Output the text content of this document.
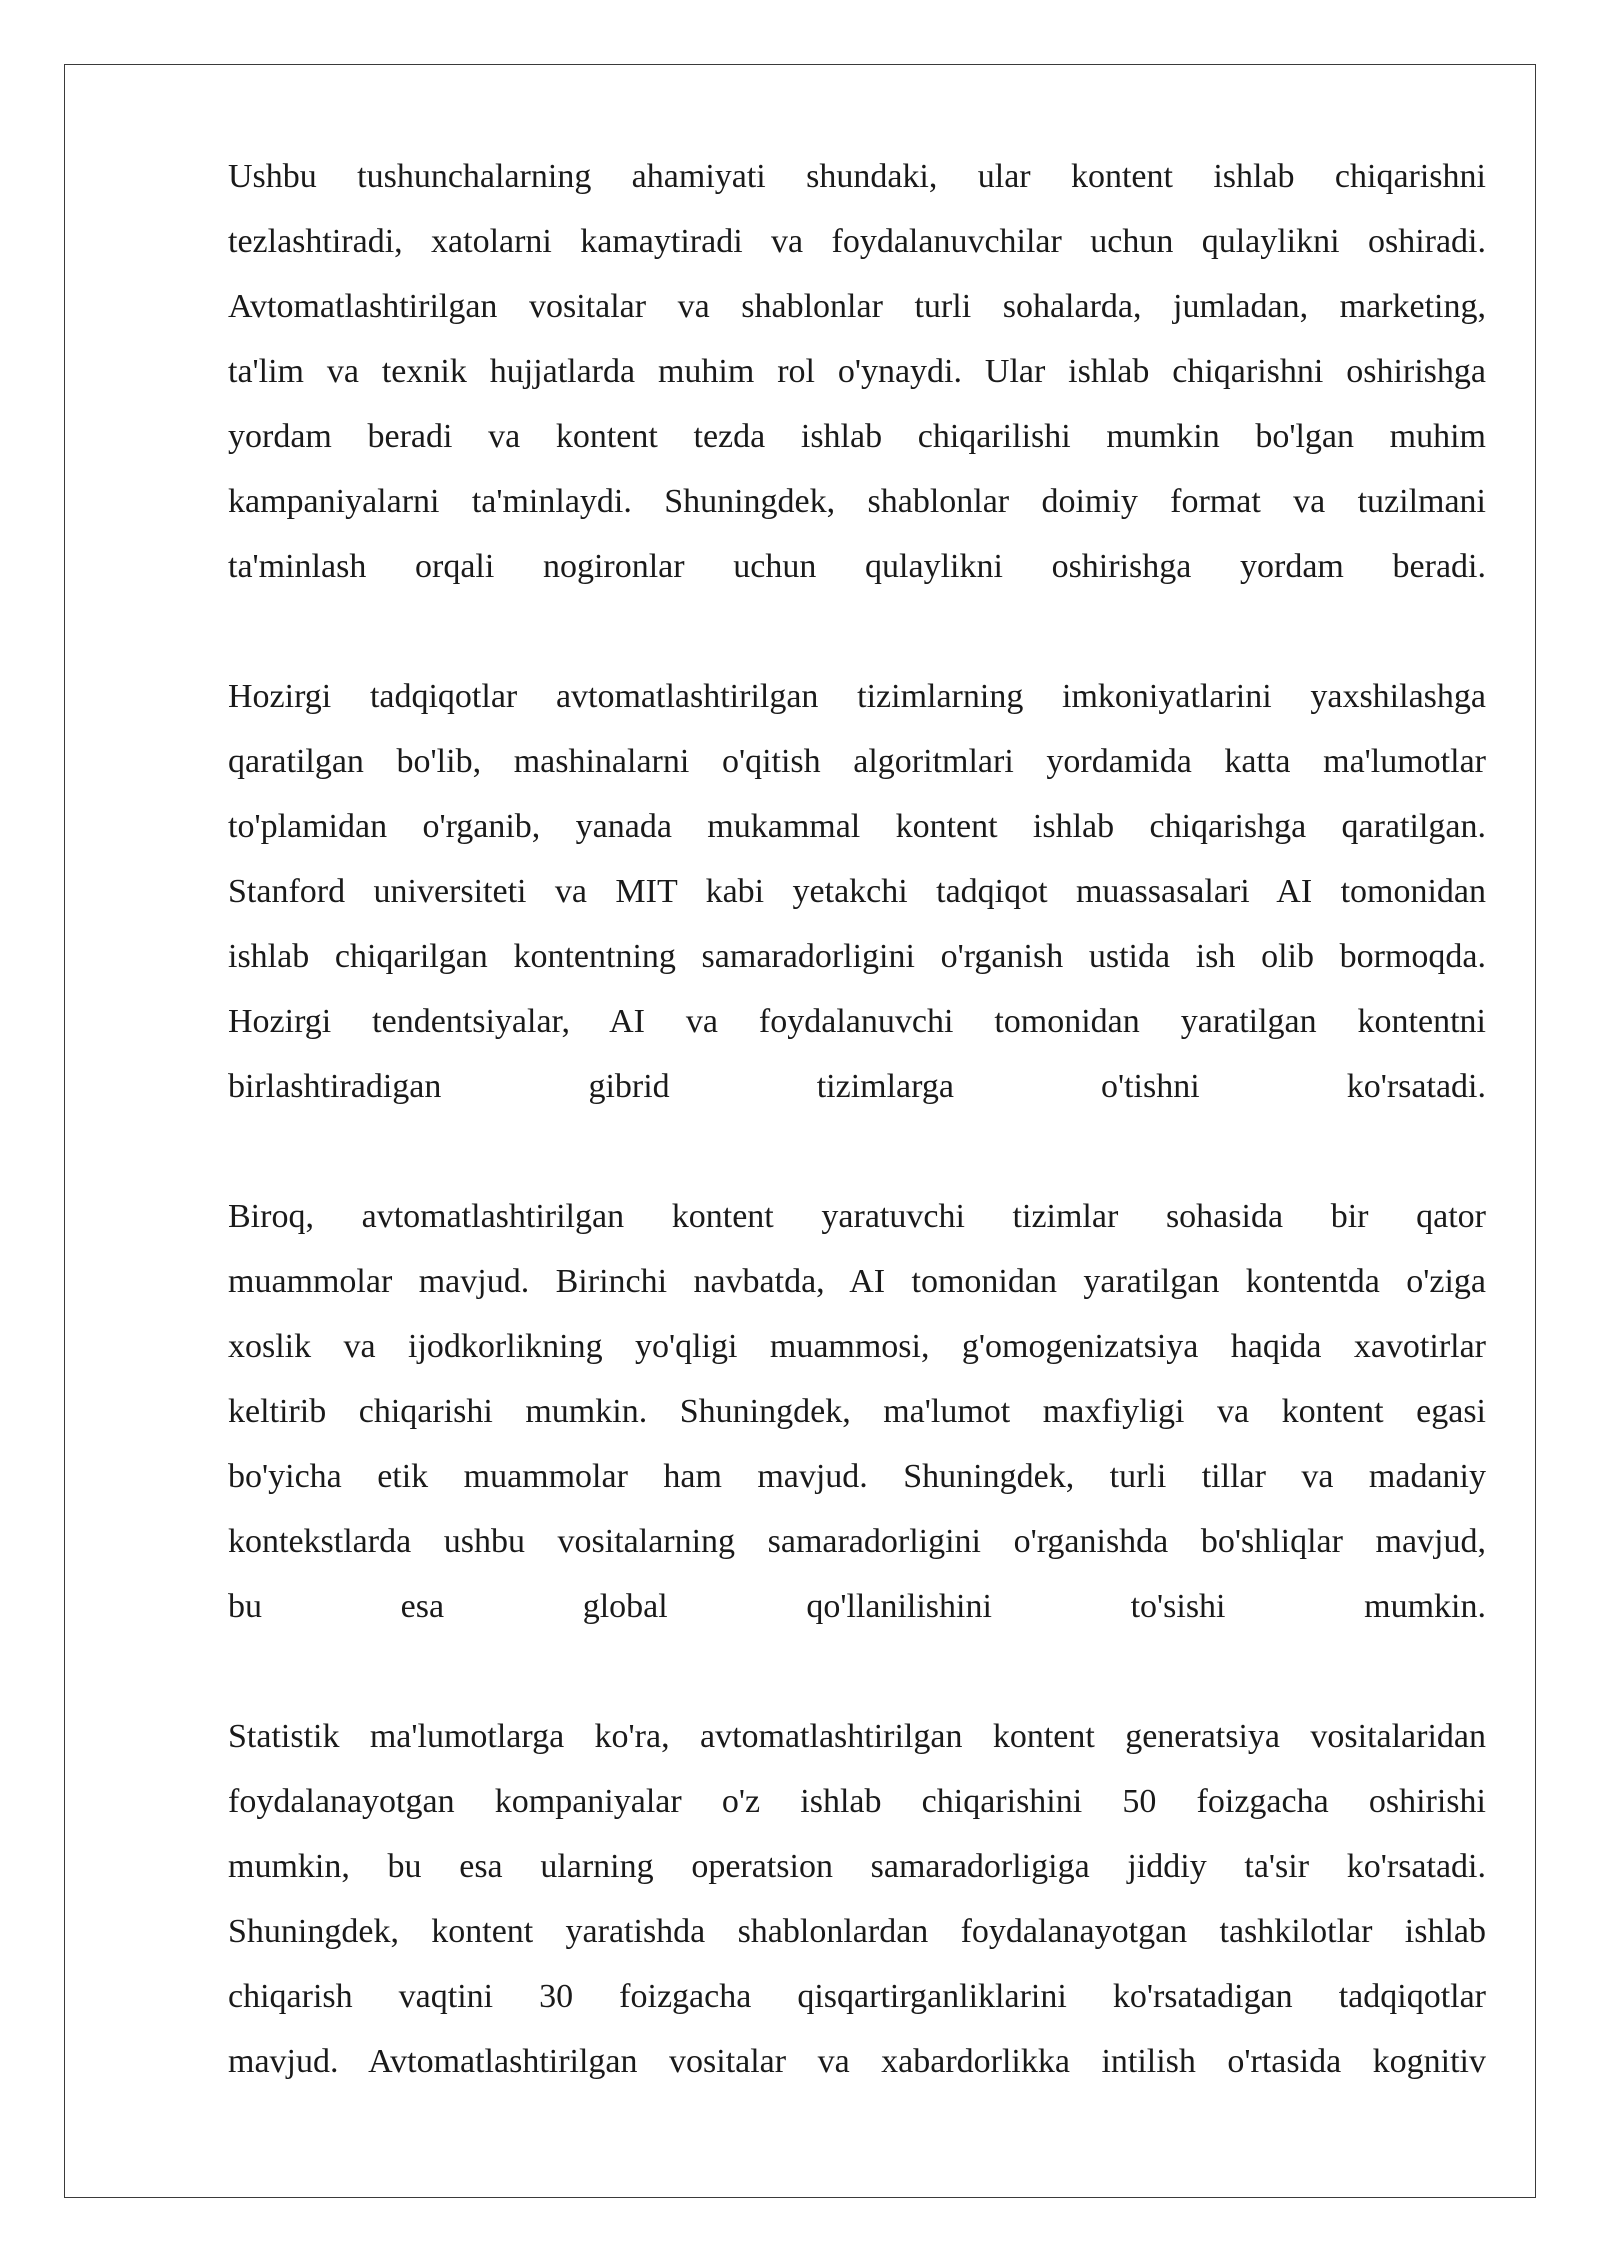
Ushbu tushunchalarning ahamiyati shundaki, ular kontent ishlab chiqarishni
tezlashtiradi, xatolarni kamaytiradi va foydalanuvchilar uchun qulaylikni oshiradi.
Avtomatlashtirilgan vositalar va shablonlar turli sohalarda, jumladan, marketing,
ta'lim va texnik hujjatlarda muhim rol o'ynaydi. Ular ishlab chiqarishni oshirishga
yordam beradi va kontent tezda ishlab chiqarilishi mumkin bo'lgan muhim
kampaniyalarni ta'minlaydi. Shuningdek, shablonlar doimiy format va tuzilmani
ta'minlash orqali nogironlar uchun qulaylikni oshirishga yordam beradi.
Hozirgi tadqiqotlar avtomatlashtirilgan tizimlarning imkoniyatlarini yaxshilashga
qaratilgan bo'lib, mashinalarni o'qitish algoritmlari yordamida katta ma'lumotlar
to'plamidan o'rganib, yanada mukammal kontent ishlab chiqarishga qaratilgan.
Stanford universiteti va MIT kabi yetakchi tadqiqot muassasalari AI tomonidan
ishlab chiqarilgan kontentning samaradorligini o'rganish ustida ish olib bormoqda.
Hozirgi tendentsiyalar, AI va foydalanuvchi tomonidan yaratilgan kontentni
birlashtiradigan gibrid tizimlarga o'tishni ko'rsatadi.
Biroq, avtomatlashtirilgan kontent yaratuvchi tizimlar sohasida bir qator
muammolar mavjud. Birinchi navbatda, AI tomonidan yaratilgan kontentda o'ziga
xoslik va ijodkorlikning yo'qligi muammosi, g'omogenizatsiya haqida xavotirlar
keltirib chiqarishi mumkin. Shuningdek, ma'lumot maxfiyligi va kontent egasi
bo'yicha etik muammolar ham mavjud. Shuningdek, turli tillar va madaniy
kontekstlarda ushbu vositalarning samaradorligini o'rganishda bo'shliqlar mavjud,
bu esa global qo'llanilishini to'sishi mumkin.
Statistik ma'lumotlarga ko'ra, avtomatlashtirilgan kontent generatsiya vositalaridan
foydalanayotgan kompaniyalar o'z ishlab chiqarishini 50 foizgacha oshirishi
mumkin, bu esa ularning operatsion samaradorligiga jiddiy ta'sir ko'rsatadi.
Shuningdek, kontent yaratishda shablonlardan foydalanayotgan tashkilotlar ishlab
chiqarish vaqtini 30 foizgacha qisqartirganliklarini ko'rsatadigan tadqiqotlar
mavjud. Avtomatlashtirilgan vositalar va xabardorlikka intilish o'rtasida kognitiv
